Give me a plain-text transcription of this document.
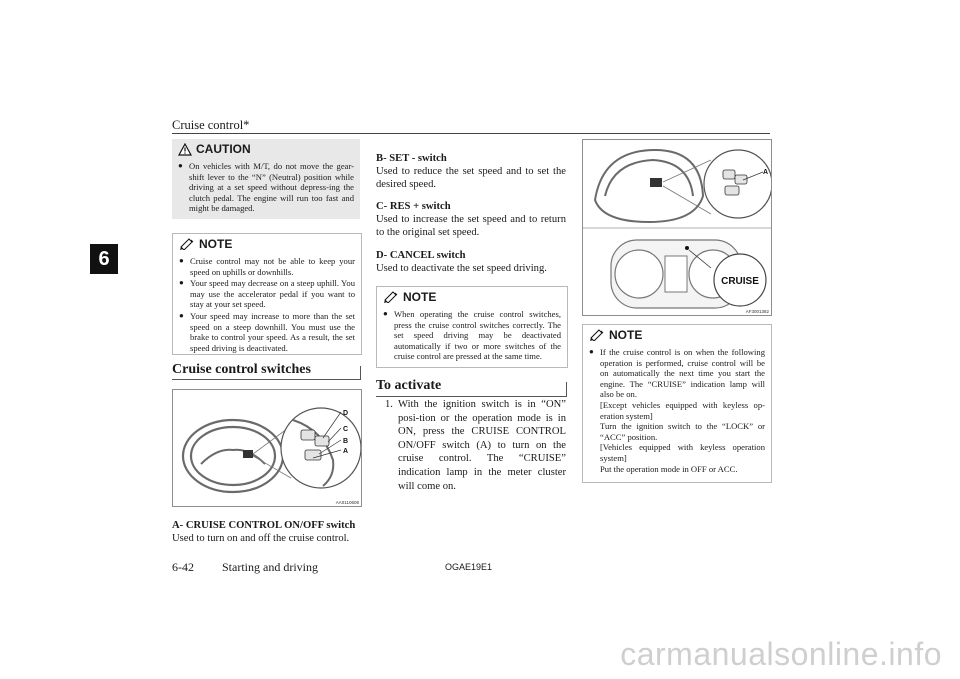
Cruise control*
6
CAUTION
● On vehicles with M/T, do not move the gear-shift lever to the “N” (Neutral) position while driving at a set speed without depress-ing the clutch pedal. The engine will run too fast and might be damaged.
NOTE
● Cruise control may not be able to keep your speed on uphills or downhills.
● Your speed may decrease on a steep uphill. You may use the accelerator pedal if you want to stay at your set speed.
● Your speed may increase to more than the set speed on a steep downhill. You must use the brake to control your speed. As a result, the set speed driving is deactivated.
Cruise control switches
D
C
B
A
AA0110608
A- CRUISE CONTROL ON/OFF switch
Used to turn on and off the cruise control.
B- SET - switch
Used to reduce the set speed and to set the desired speed.
C- RES + switch
Used to increase the set speed and to return to the original set speed.
D- CANCEL switch
Used to deactivate the set speed driving.
NOTE
● When operating the cruise control switches, press the cruise control switches correctly. The set speed driving may be deactivated automatically if two or more switches of the cruise control are pressed at the same time.
To activate
1. With the ignition switch is in “ON” posi-tion or the operation mode is in ON, press the CRUISE CONTROL ON/OFF switch (A) to turn on the cruise control. The “CRUISE” indication lamp in the meter cluster will come on.
A
CRUISE
AF3001382
NOTE
● If the cruise control is on when the following operation is performed, cruise control will be on automatically the next time you start the engine. The “CRUISE” indication lamp will also be on.
[Except vehicles equipped with keyless op-eration system]
Turn the ignition switch to the “LOCK” or “ACC” position.
[Vehicles equipped with keyless operation system]
Put the operation mode in OFF or ACC.
6-42 Starting and driving	OGAE19E1
carmanualsonline.info
